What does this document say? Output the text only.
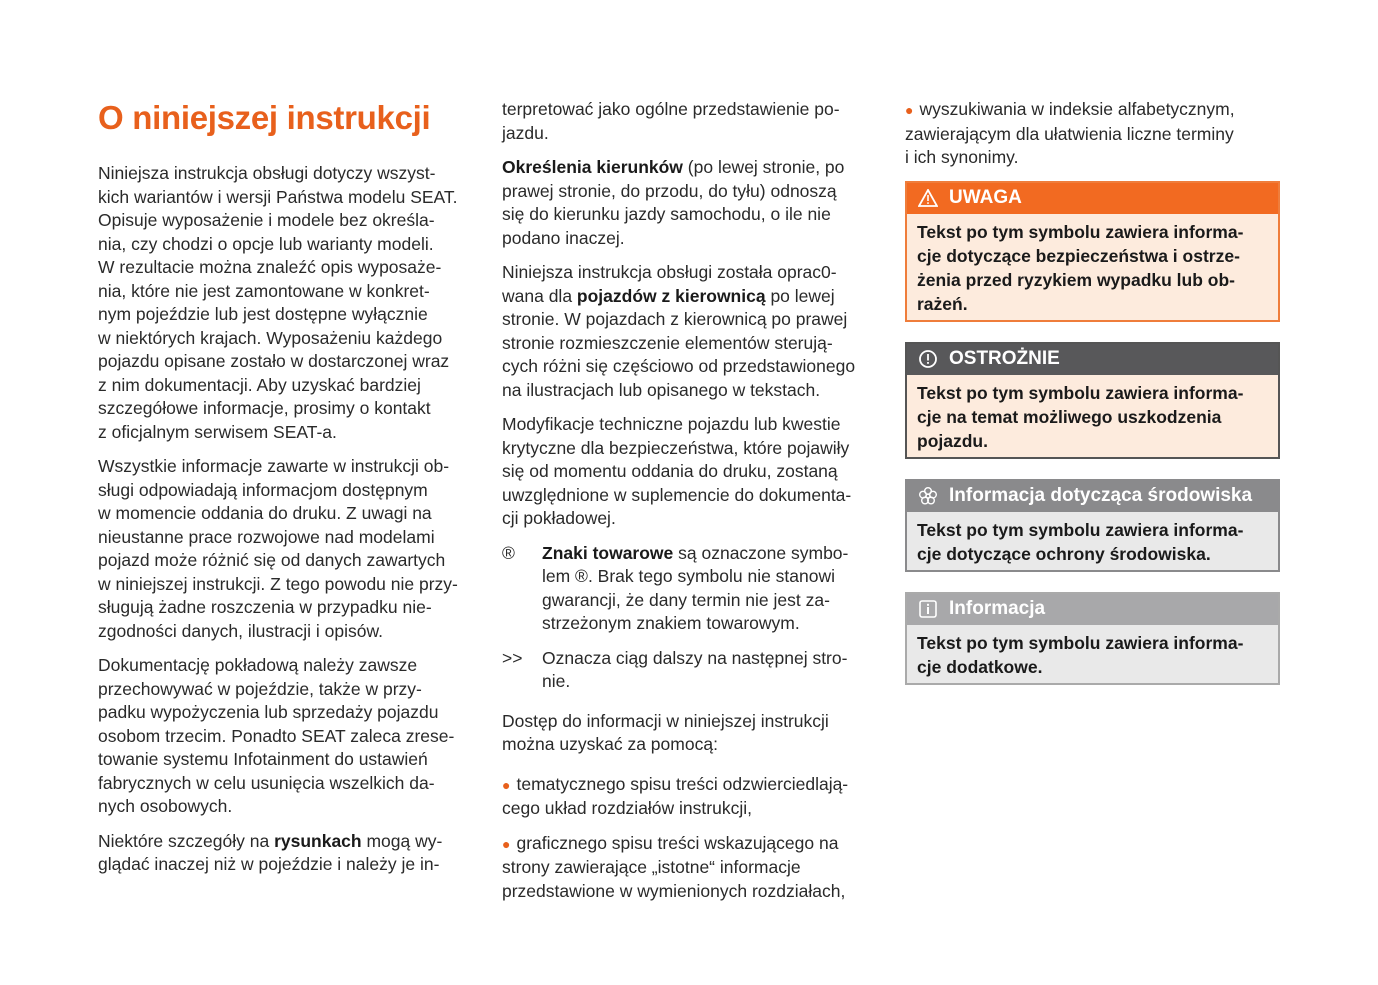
O niniejszej instrukcji

Niniejsza instrukcja obsługi dotyczy wszyst-
kich wariantów i wersji Państwa modelu SEAT.
Opisuje wyposażenie i modele bez określa-
nia, czy chodzi o opcje lub warianty modeli.
W rezultacie można znaleźć opis wyposaże-
nia, które nie jest zamontowane w konkret-
nym pojeździe lub jest dostępne wyłącznie
w niektórych krajach. Wyposażeniu każdego
pojazdu opisane zostało w dostarczonej wraz
z nim dokumentacji. Aby uzyskać bardziej
szczegółowe informacje, prosimy o kontakt
z oficjalnym serwisem SEAT-a.

Wszystkie informacje zawarte w instrukcji ob-
sługi odpowiadają informacjom dostępnym
w momencie oddania do druku. Z uwagi na
nieustanne prace rozwojowe nad modelami
pojazd może różnić się od danych zawartych
w niniejszej instrukcji. Z tego powodu nie przy-
sługują żadne roszczenia w przypadku nie-
zgodności danych, ilustracji i opisów.

Dokumentację pokładową należy zawsze
przechowywać w pojeździe, także w przy-
padku wypożyczenia lub sprzedaży pojazdu
osobom trzecim. Ponadto SEAT zaleca zrese-
towanie systemu Infotainment do ustawień
fabrycznych w celu usunięcia wszelkich da-
nych osobowych.

Niektóre szczegóły na rysunkach mogą wy-
glądać inaczej niż w pojeździe i należy je in-

terpretować jako ogólne przedstawienie po-
jazdu.

Określenia kierunków (po lewej stronie, po
prawej stronie, do przodu, do tyłu) odnoszą
się do kierunku jazdy samochodu, o ile nie
podano inaczej.

Niniejsza instrukcja obsługi została oprac0-
wana dla pojazdów z kierownicą po lewej
stronie. W pojazdach z kierownicą po prawej
stronie rozmieszczenie elementów sterują-
cych różni się częściowo od przedstawionego
na ilustracjach lub opisanego w tekstach.

Modyfikacje techniczne pojazdu lub kwestie
krytyczne dla bezpieczeństwa, które pojawiły
się od momentu oddania do druku, zostaną
uwzględnione w suplemencie do dokumenta-
cji pokładowej.

®	Znaki towarowe są oznaczone symbo-
lem ®. Brak tego symbolu nie stanowi
gwarancji, że dany termin nie jest za-
strzeżonym znakiem towarowym.
>>	Oznacza ciąg dalszy na następnej stro-
nie.

Dostęp do informacji w niniejszej instrukcji
można uzyskać za pomocą:

● tematycznego spisu treści odzwierciedlają-
cego układ rozdziałów instrukcji,

● graficznego spisu treści wskazującego na
strony zawierające „istotne“ informacje
przedstawione w wymienionych rozdziałach,

● wyszukiwania w indeksie alfabetycznym,
zawierającym dla ułatwienia liczne terminy
i ich synonimy.

UWAGA
Tekst po tym symbolu zawiera informa-
cje dotyczące bezpieczeństwa i ostrze-
żenia przed ryzykiem wypadku lub ob-
rażeń.
OSTROŻNIE
Tekst po tym symbolu zawiera informa-
cje na temat możliwego uszkodzenia
pojazdu.
Informacja dotycząca środowiska
Tekst po tym symbolu zawiera informa-
cje dotyczące ochrony środowiska.
Informacja
Tekst po tym symbolu zawiera informa-
cje dodatkowe.
